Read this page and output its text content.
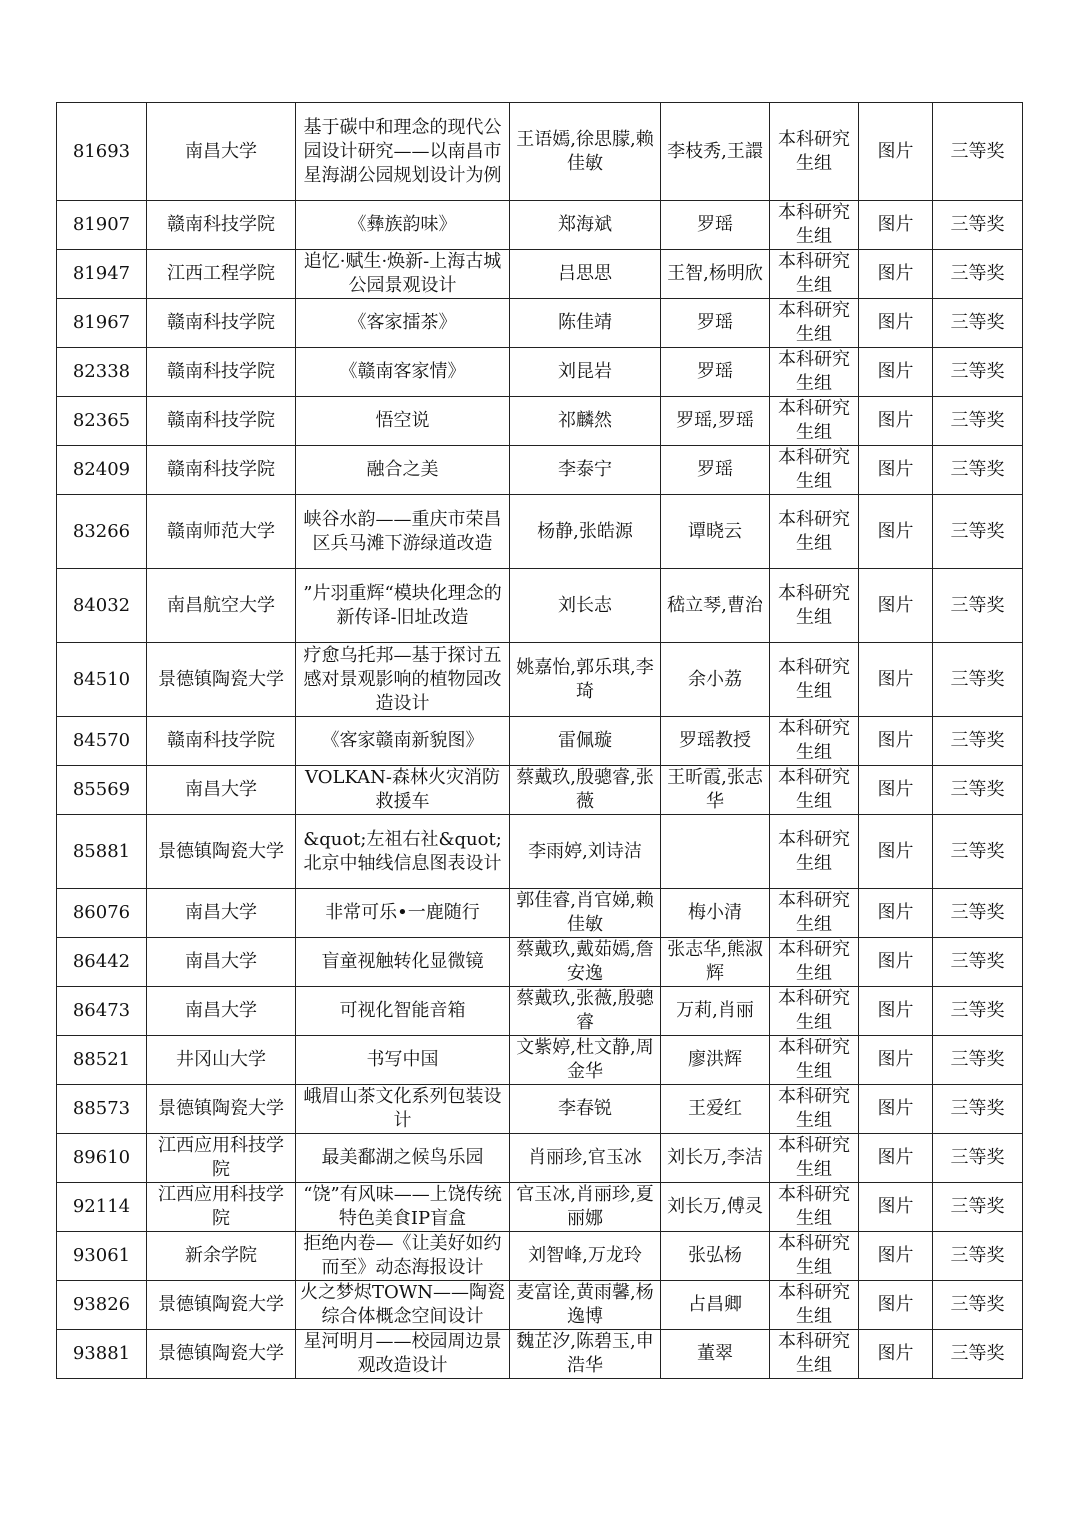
81693	南昌大学	基于碳中和理念的现代公园设计研究——以南昌市星海湖公园规划设计为例	王语嫣,徐思朦,赖佳敏	李枝秀,王譞	本科研究生组	图片	三等奖
81907	赣南科技学院	《彝族韵味》	郑海斌	罗瑶	本科研究生组	图片	三等奖
81947	江西工程学院	追忆·赋生·焕新-上海古城公园景观设计	吕思思	王智,杨明欣	本科研究生组	图片	三等奖
81967	赣南科技学院	《客家擂茶》	陈佳靖	罗瑶	本科研究生组	图片	三等奖
82338	赣南科技学院	《赣南客家情》	刘昆岩	罗瑶	本科研究生组	图片	三等奖
82365	赣南科技学院	悟空说	祁麟然	罗瑶,罗瑶	本科研究生组	图片	三等奖
82409	赣南科技学院	融合之美	李泰宁	罗瑶	本科研究生组	图片	三等奖
83266	赣南师范大学	峡谷水韵——重庆市荣昌区兵马滩下游绿道改造	杨静,张皓源	谭晓云	本科研究生组	图片	三等奖
84032	南昌航空大学	”片羽重辉“模块化理念的新传译-旧址改造	刘长志	嵇立琴,曹治	本科研究生组	图片	三等奖
84510	景德镇陶瓷大学	疗愈乌托邦—基于探讨五感对景观影响的植物园改造设计	姚嘉怡,郭乐琪,李琦	余小荔	本科研究生组	图片	三等奖
84570	赣南科技学院	《客家赣南新貌图》	雷佩璇	罗瑶教授	本科研究生组	图片	三等奖
85569	南昌大学	VOLKAN-森林火灾消防救援车	蔡戴玖,殷骢睿,张薇	王昕霞,张志华	本科研究生组	图片	三等奖
85881	景德镇陶瓷大学	&quot;左祖右社&quot;北京中轴线信息图表设计	李雨婷,刘诗洁		本科研究生组	图片	三等奖
86076	南昌大学	非常可乐•一鹿随行	郭佳睿,肖官娣,赖佳敏	梅小清	本科研究生组	图片	三等奖
86442	南昌大学	盲童视触转化显微镜	蔡戴玖,戴茹嫣,詹安逸	张志华,熊淑辉	本科研究生组	图片	三等奖
86473	南昌大学	可视化智能音箱	蔡戴玖,张薇,殷骢睿	万莉,肖丽	本科研究生组	图片	三等奖
88521	井冈山大学	书写中国	文紫婷,杜文静,周金华	廖洪辉	本科研究生组	图片	三等奖
88573	景德镇陶瓷大学	峨眉山茶文化系列包装设计	李春锐	王爱红	本科研究生组	图片	三等奖
89610	江西应用科技学院	最美鄱湖之候鸟乐园	肖丽珍,官玉冰	刘长万,李洁	本科研究生组	图片	三等奖
92114	江西应用科技学院	“饶”有风味——上饶传统特色美食IP盲盒	官玉冰,肖丽珍,夏丽娜	刘长万,傅灵	本科研究生组	图片	三等奖
93061	新余学院	拒绝内卷—《让美好如约而至》动态海报设计	刘智峰,万龙玲	张弘杨	本科研究生组	图片	三等奖
93826	景德镇陶瓷大学	火之梦烬TOWN——陶瓷综合体概念空间设计	麦富诠,黄雨馨,杨逸博	占昌卿	本科研究生组	图片	三等奖
93881	景德镇陶瓷大学	星河明月——校园周边景观改造设计	魏芷汐,陈碧玉,申浩华	董翠	本科研究生组	图片	三等奖
